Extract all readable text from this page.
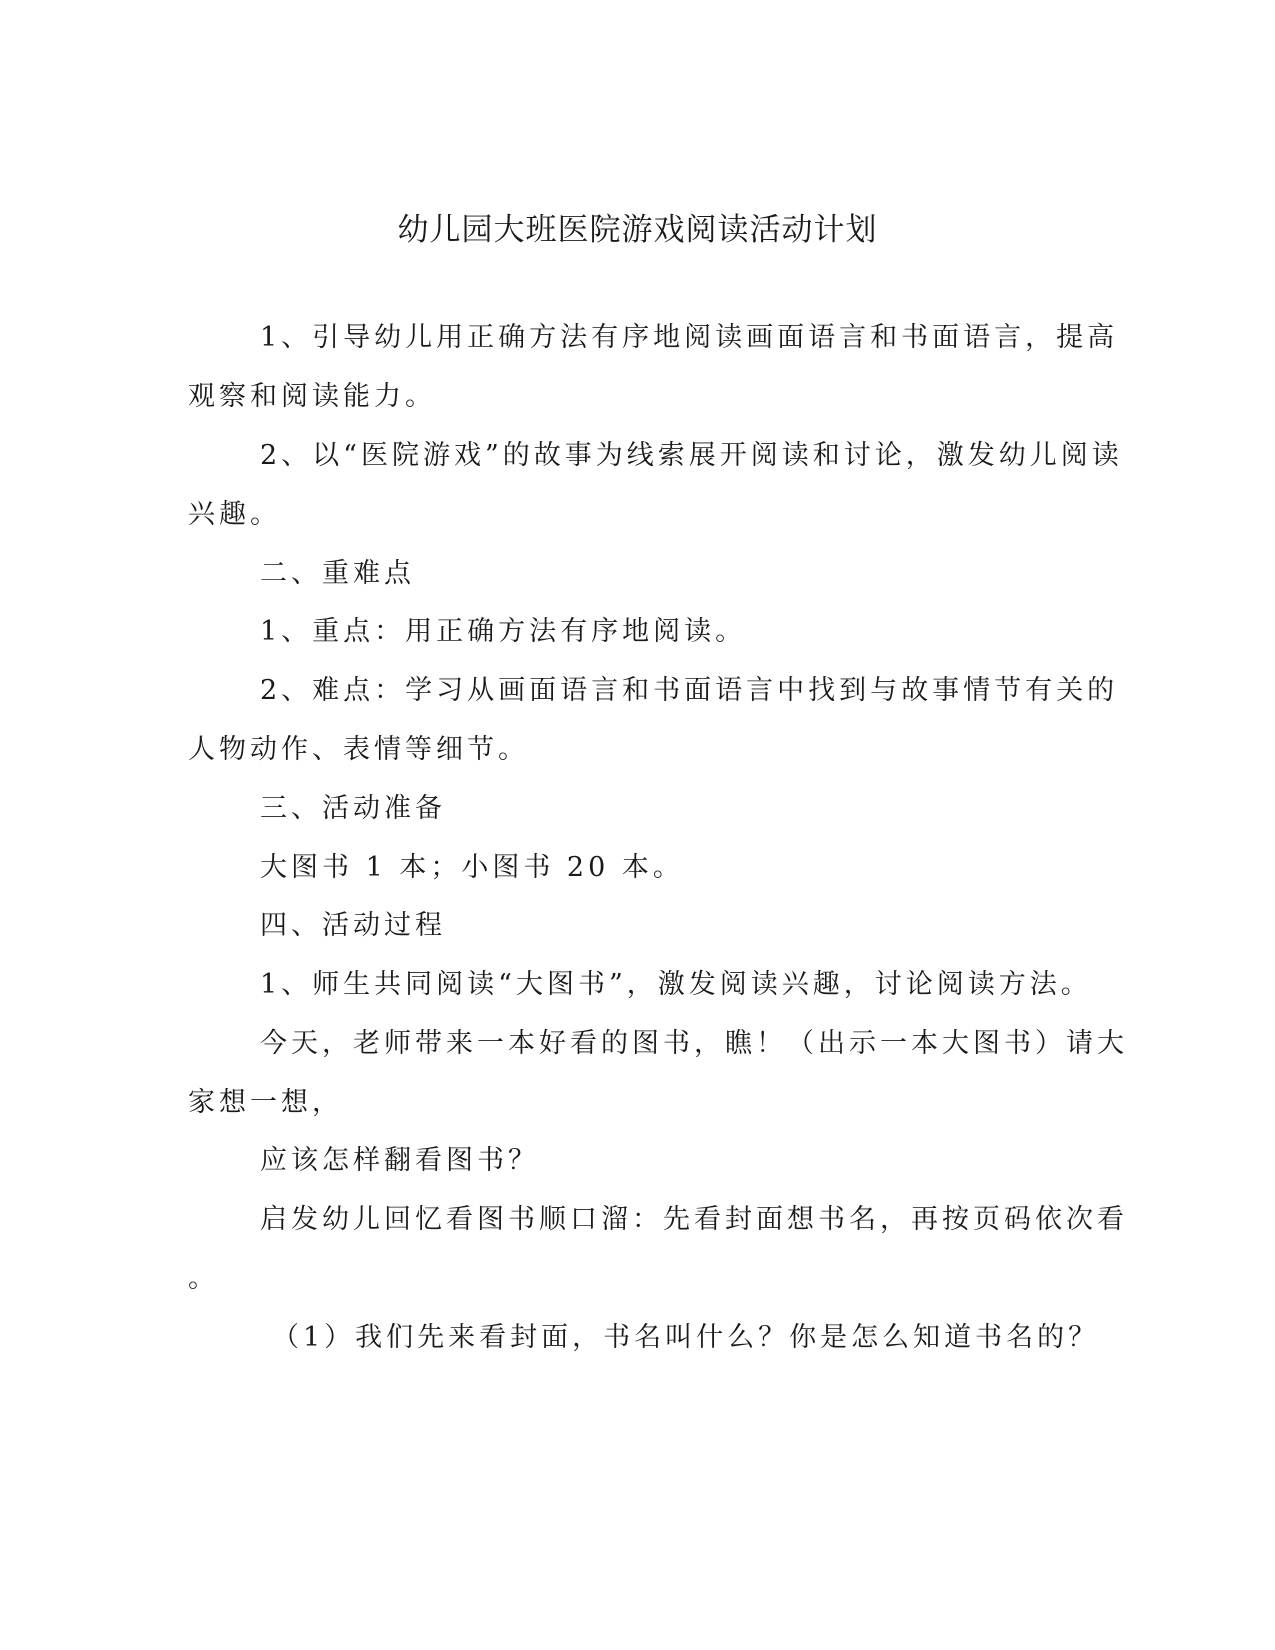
幼儿园大班医院游戏阅读活动计划

1、引导幼儿用正确方法有序地阅读画面语言和书面语言，提高

观察和阅读能力。

2、以“医院游戏”的故事为线索展开阅读和讨论，激发幼儿阅读

兴趣。

二、重难点

1、重点：用正确方法有序地阅读。

2、难点：学习从画面语言和书面语言中找到与故事情节有关的

人物动作、表情等细节。

三、活动准备

大图书 1 本；小图书 20 本。

四、活动过程

1、师生共同阅读“大图书”，激发阅读兴趣，讨论阅读方法。

今天，老师带来一本好看的图书，瞧！（出示一本大图书）请大

家想一想，

应该怎样翻看图书？

启发幼儿回忆看图书顺口溜：先看封面想书名，再按页码依次看

。

（1）我们先来看封面，书名叫什么？你是怎么知道书名的？
